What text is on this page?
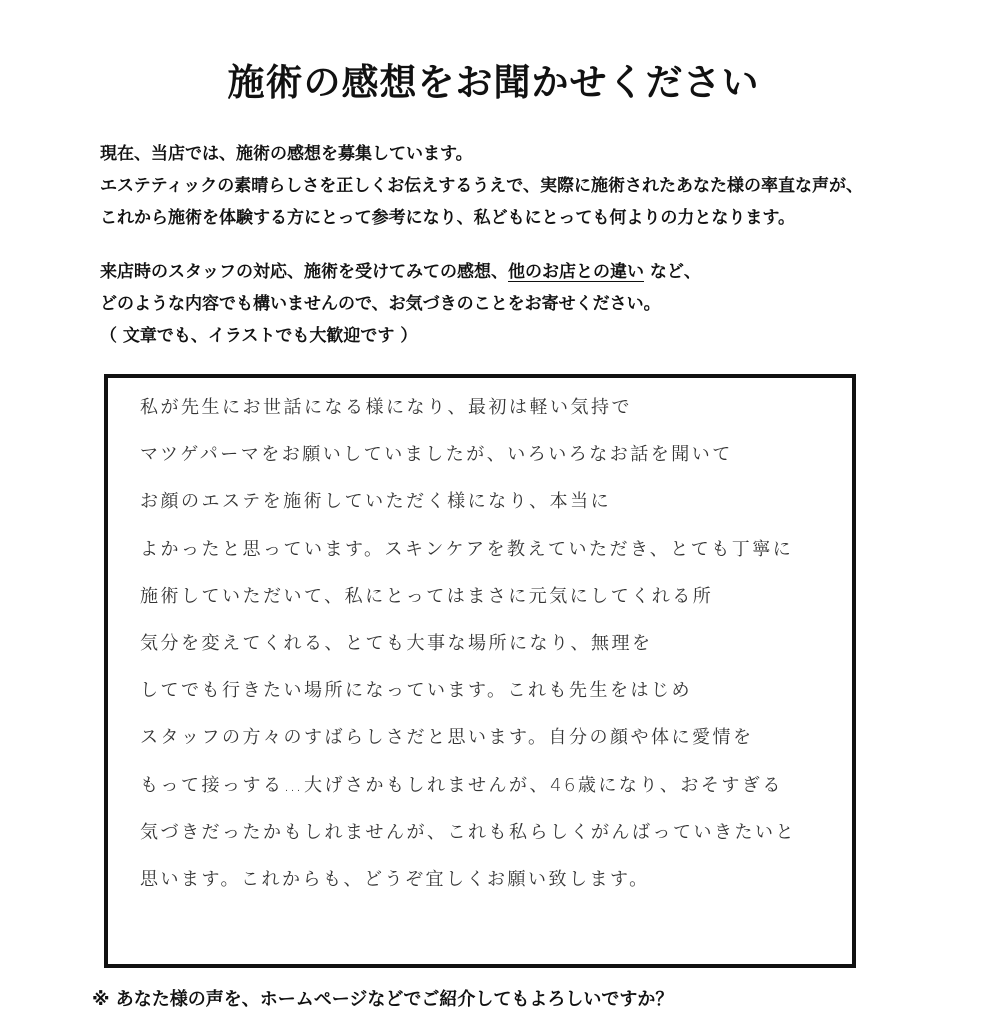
施術の感想をお聞かせください
現在、当店では、施術の感想を募集しています。
エステティックの素晴らしさを正しくお伝えするうえで、実際に施術されたあなた様の率直な声が、
これから施術を体験する方にとって参考になり、私どもにとっても何よりの力となります。
来店時のスタッフの対応、施術を受けてみての感想、他のお店との違い など、
どのような内容でも構いませんので、お気づきのことをお寄せください。
（ 文章でも、イラストでも大歓迎です ）
私が先生にお世話になる様になり、最初は軽い気持で
マツゲパーマをお願いしていましたが、いろいろなお話を聞いて
お顔のエステを施術していただく様になり、本当に
よかったと思っています。スキンケアを教えていただき、とても丁寧に
施術していただいて、私にとってはまさに元気にしてくれる所
気分を変えてくれる、とても大事な場所になり、無理を
してでも行きたい場所になっています。これも先生をはじめ
スタッフの方々のすばらしさだと思います。自分の顔や体に愛情を
もって接っする…大げさかもしれませんが、46歳になり、おそすぎる
気づきだったかもしれませんが、これも私らしくがんばっていきたいと
思います。これからも、どうぞ宜しくお願い致します。
※ あなた様の声を、ホームページなどでご紹介してもよろしいですか？
